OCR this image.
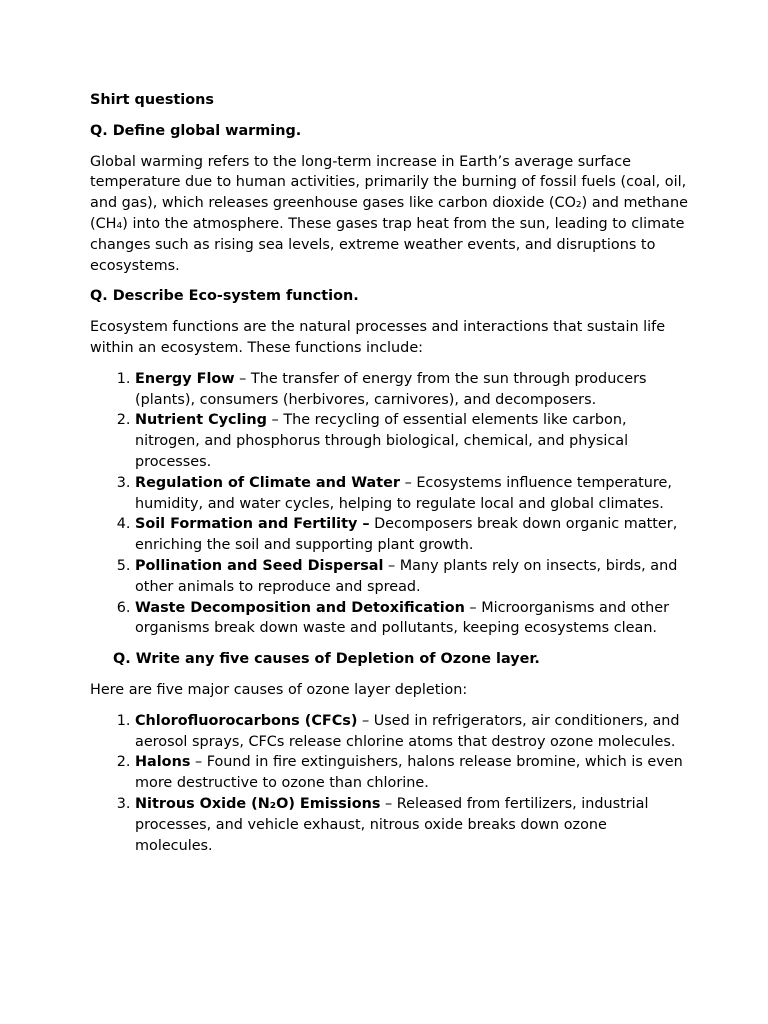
Shirt questions

Q. Define global warming.

Global warming refers to the long-term increase in Earth’s average surface temperature due to human activities, primarily the burning of fossil fuels (coal, oil, and gas), which releases greenhouse gases like carbon dioxide (CO₂) and methane (CH₄) into the atmosphere. These gases trap heat from the sun, leading to climate changes such as rising sea levels, extreme weather events, and disruptions to ecosystems.

Q. Describe Eco-system function.

Ecosystem functions are the natural processes and interactions that sustain life within an ecosystem. These functions include:

1. Energy Flow – The transfer of energy from the sun through producers (plants), consumers (herbivores, carnivores), and decomposers.
2. Nutrient Cycling – The recycling of essential elements like carbon, nitrogen, and phosphorus through biological, chemical, and physical processes.
3. Regulation of Climate and Water – Ecosystems influence temperature, humidity, and water cycles, helping to regulate local and global climates.
4. Soil Formation and Fertility – Decomposers break down organic matter, enriching the soil and supporting plant growth.
5. Pollination and Seed Dispersal – Many plants rely on insects, birds, and other animals to reproduce and spread.
6. Waste Decomposition and Detoxification – Microorganisms and other organisms break down waste and pollutants, keeping ecosystems clean.

Q. Write any five causes of Depletion of Ozone layer.

Here are five major causes of ozone layer depletion:

1. Chlorofluorocarbons (CFCs) – Used in refrigerators, air conditioners, and aerosol sprays, CFCs release chlorine atoms that destroy ozone molecules.
2. Halons – Found in fire extinguishers, halons release bromine, which is even more destructive to ozone than chlorine.
3. Nitrous Oxide (N₂O) Emissions – Released from fertilizers, industrial processes, and vehicle exhaust, nitrous oxide breaks down ozone molecules.
